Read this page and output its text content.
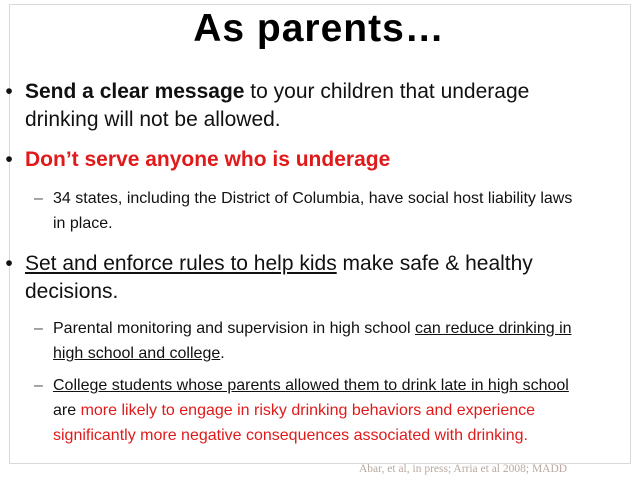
As parents…
• Send a clear message to your children that underage drinking will not be allowed.
• Don’t serve anyone who is underage
– 34 states, including the District of Columbia, have social host liability laws in place.
• Set and enforce rules to help kids make safe & healthy decisions.
– Parental monitoring and supervision in high school can reduce drinking in high school and college.
– College students whose parents allowed them to drink late in high school are more likely to engage in risky drinking behaviors and experience significantly more negative consequences associated with drinking.
Abar, et al, in press; Arria et al 2008; MADD
